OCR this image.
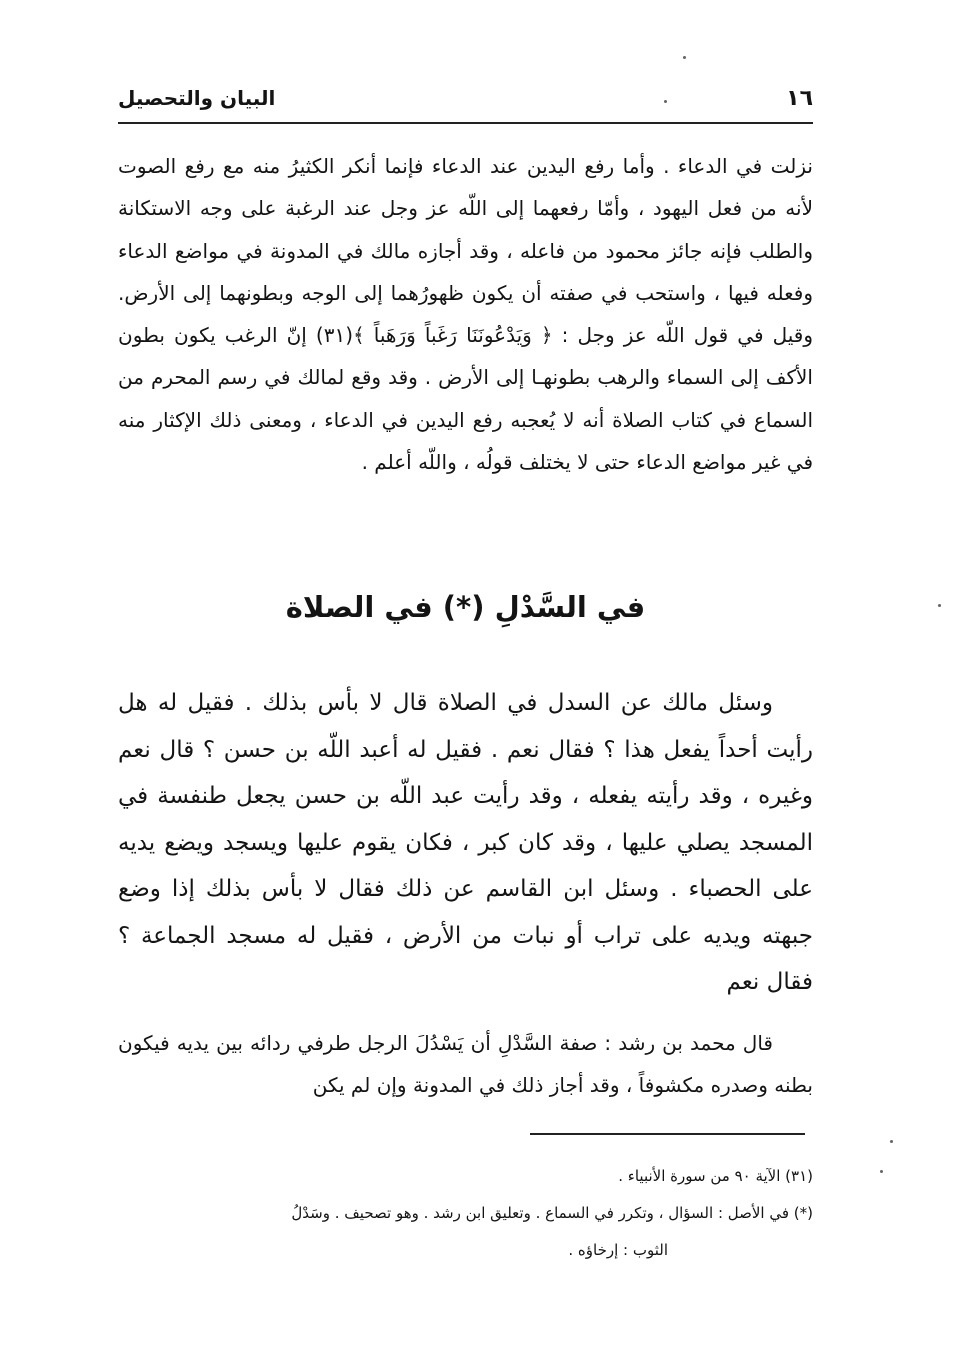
١٦
البيان والتحصيل

نزلت في الدعاء . وأما رفع اليدين عند الدعاء فإنما أنكر الكثيرُ منه مع رفع الصوت لأنه من فعل اليهود ، وأمّا رفعهما إلى اللّه عز وجل عند الرغبة على وجه الاستكانة والطلب فإنه جائز محمود من فاعله ، وقد أجازه مالك في المدونة في مواضع الدعاء وفعله فيها ، واستحب في صفته أن يكون ظهورُهما إلى الوجه وبطونهما إلى الأرض. وقيل في قول اللّه عز وجل : ﴿ وَيَدْعُونَنَا رَغَباً وَرَهَباً ﴾(٣١) إنّ الرغب يكون بطون الأكف إلى السماء والرهب بطونهـا إلى الأرض . وقد وقع لمالك في رسم المحرم من السماع في كتاب الصلاة أنه لا يُعجبه رفع اليدين في الدعاء ، ومعنى ذلك الإكثار منه في غير مواضع الدعاء حتى لا يختلف قولُه ، واللّه أعلم .

في السَّدْلِ (*) في الصلاة

وسئل مالك عن السدل في الصلاة قال لا بأس بذلك . فقيل له هل رأيت أحداً يفعل هذا ؟ فقال نعم . فقيل له أعبد اللّه بن حسن ؟ قال نعم وغيره ، وقد رأيته يفعله ، وقد رأيت عبد اللّه بن حسن يجعل طنفسة في المسجد يصلي عليها ، وقد كان كبر ، فكان يقوم عليها ويسجد ويضع يديه على الحصباء . وسئل ابن القاسم عن ذلك فقال لا بأس بذلك إذا وضع جبهته ويديه على تراب أو نبات من الأرض ، فقيل له مسجد الجماعة ؟ فقال نعم

قال محمد بن رشد : صفة السَّدْلِ أن يَسْدُلَ الرجل طرفي ردائه بين يديه فيكون بطنه وصدره مكشوفاً ، وقد أجاز ذلك في المدونة وإن لم يكن

(٣١) الآية ٩٠ من سورة الأنبياء .

(*) في الأصل : السؤال ، وتكرر في السماع . وتعليق ابن رشد . وهو تصحيف . وسَدْلُ

الثوب : إرخاؤه .
